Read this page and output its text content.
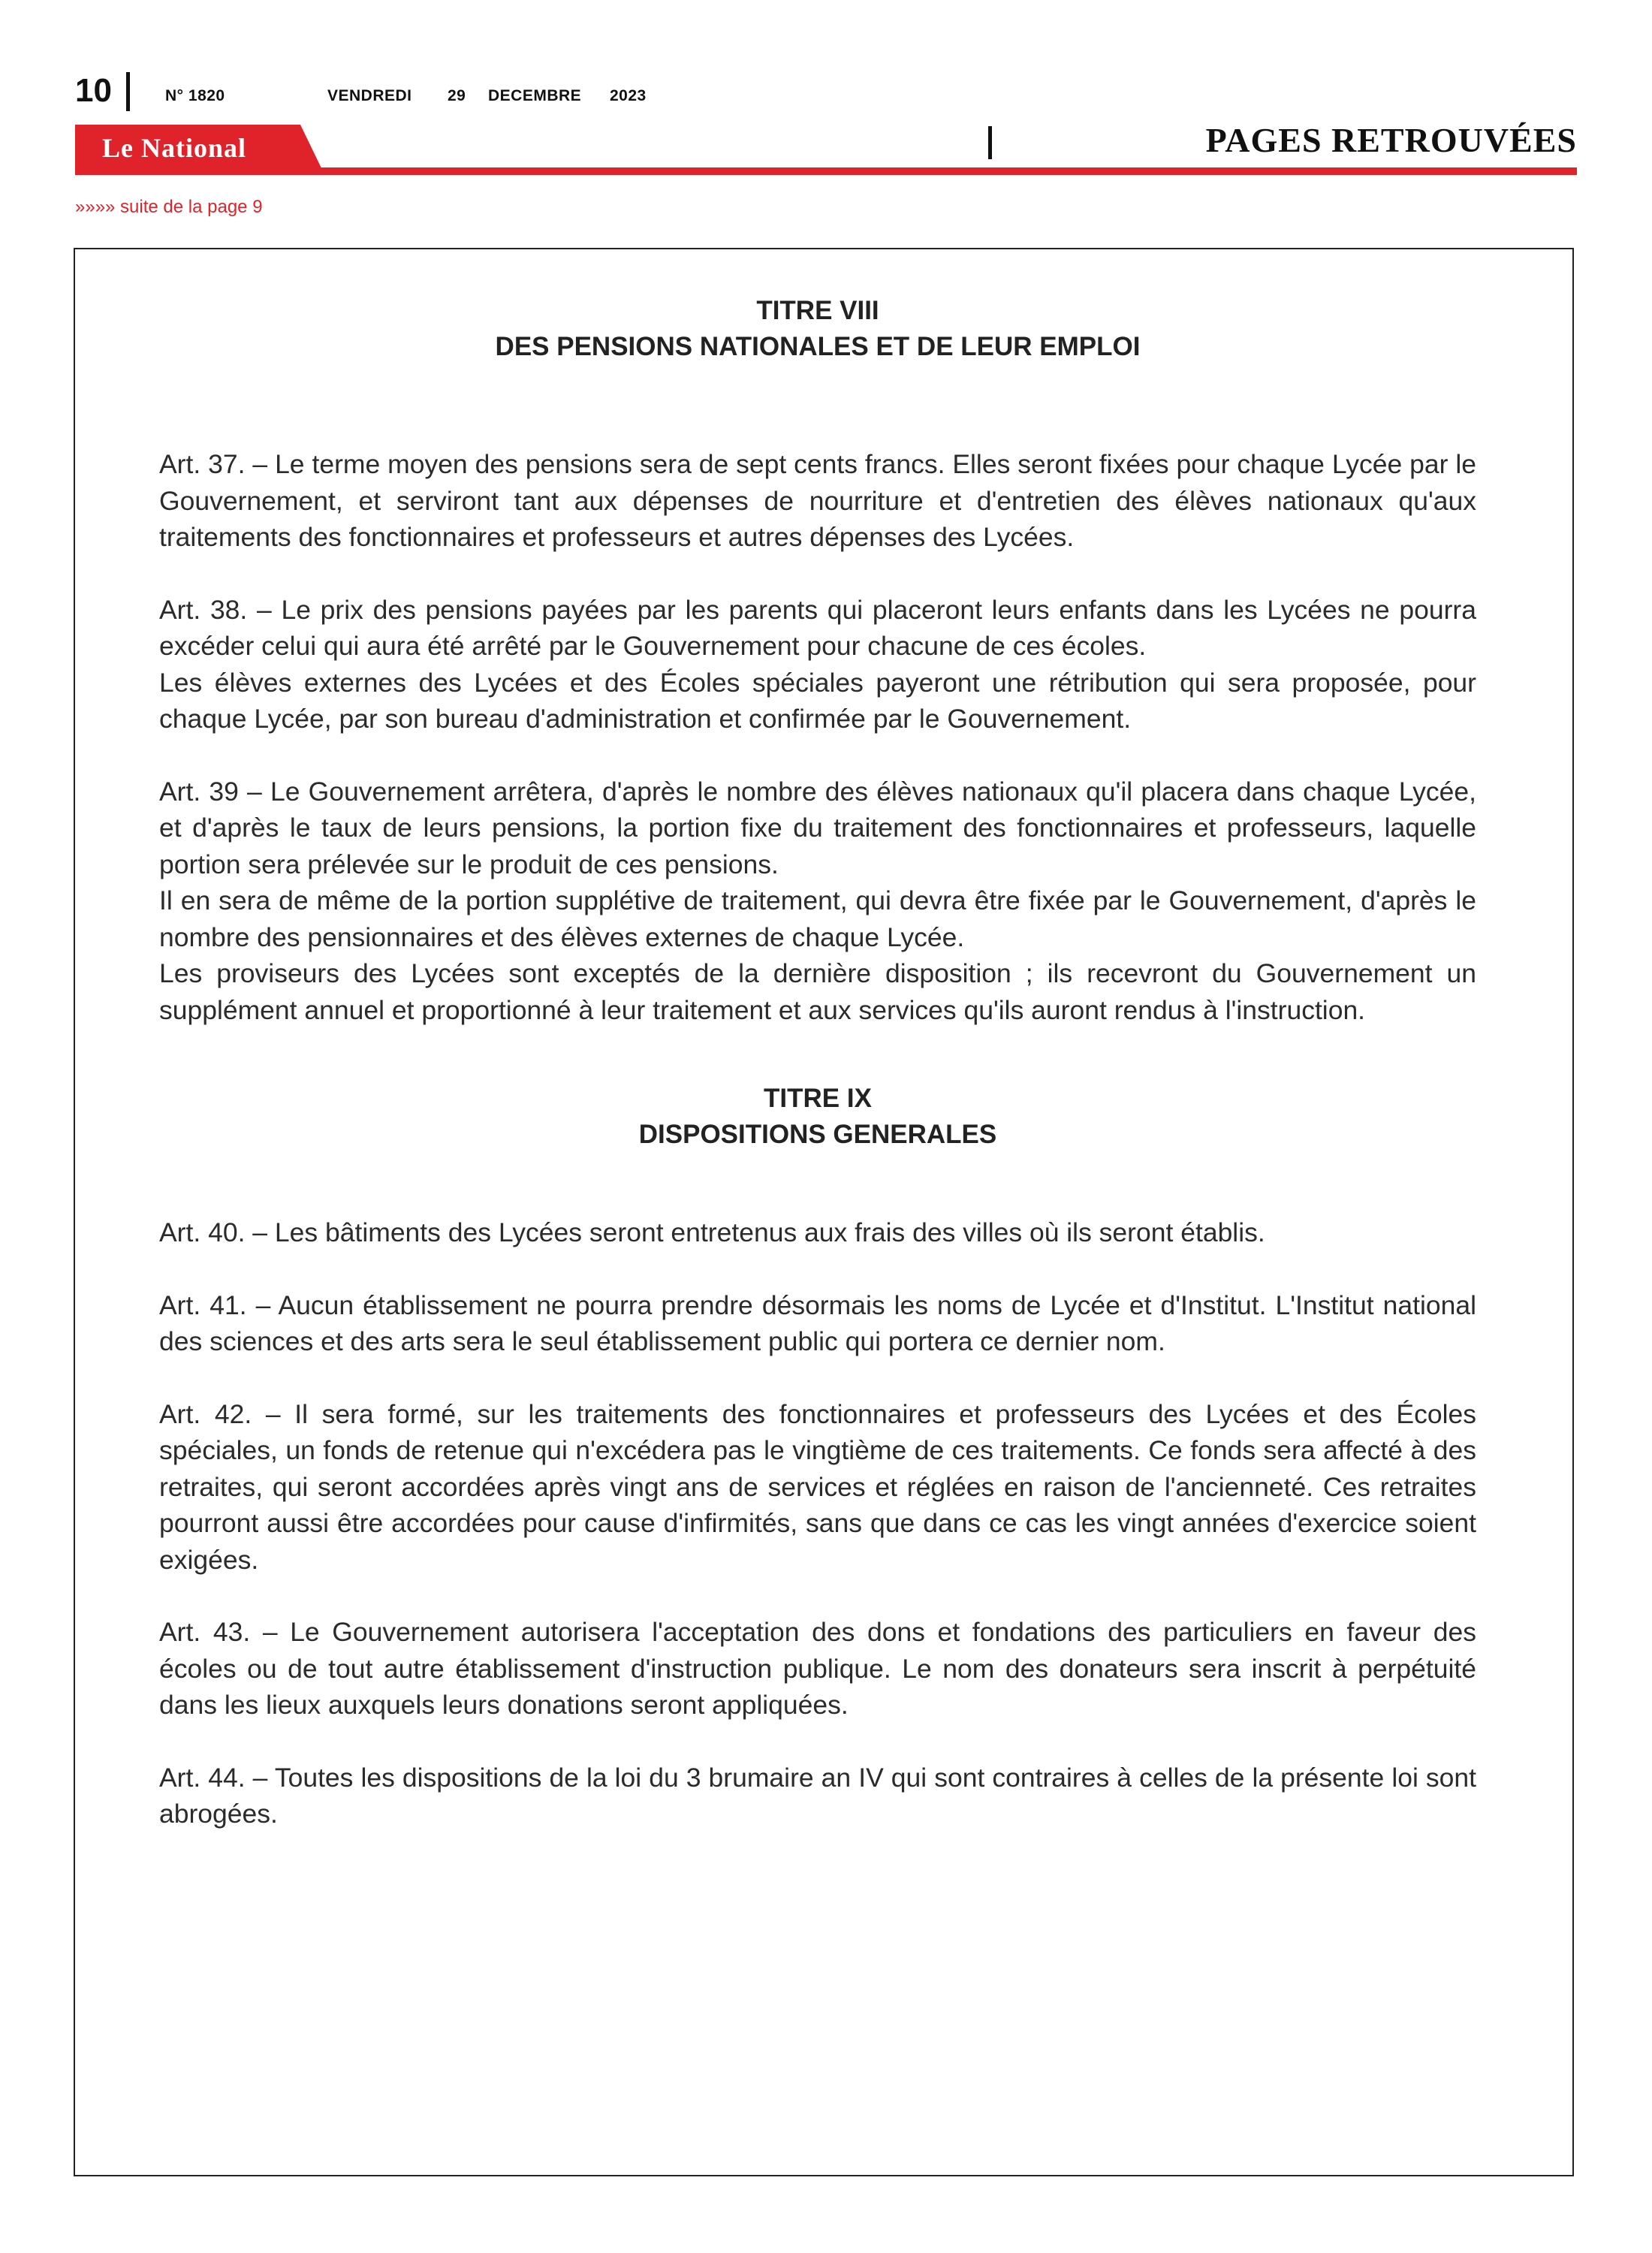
10	N° 1820	VENDREDI 29 DECEMBRE 2023
Le National	PAGES RETROUVÉES
»»»» suite de la page 9
TITRE VIII
DES PENSIONS NATIONALES ET DE LEUR EMPLOI
Art. 37. – Le terme moyen des pensions sera de sept cents francs. Elles seront fixées pour chaque Lycée par le Gouvernement, et serviront tant aux dépenses de nourriture et d'entretien des élèves nationaux qu'aux traitements des fonctionnaires et professeurs et autres dépenses des Lycées.
Art. 38. – Le prix des pensions payées par les parents qui placeront leurs enfants dans les Lycées ne pourra excéder celui qui aura été arrêté par le Gouvernement pour chacune de ces écoles.
Les élèves externes des Lycées et des Écoles spéciales payeront une rétribution qui sera proposée, pour chaque Lycée, par son bureau d'administration et confirmée par le Gouvernement.
Art. 39 – Le Gouvernement arrêtera, d'après le nombre des élèves nationaux qu'il placera dans chaque Lycée, et d'après le taux de leurs pensions, la portion fixe du traitement des fonctionnaires et professeurs, laquelle portion sera prélevée sur le produit de ces pensions.
Il en sera de même de la portion supplétive de traitement, qui devra être fixée par le Gouvernement, d'après le nombre des pensionnaires et des élèves externes de chaque Lycée.
Les proviseurs des Lycées sont exceptés de la dernière disposition ; ils recevront du Gouvernement un supplément annuel et proportionné à leur traitement et aux services qu'ils auront rendus à l'instruction.
TITRE IX
DISPOSITIONS GENERALES
Art. 40. – Les bâtiments des Lycées seront entretenus aux frais des villes où ils seront établis.
Art. 41. – Aucun établissement ne pourra prendre désormais les noms de Lycée et d'Institut. L'Institut national des sciences et des arts sera le seul établissement public qui portera ce dernier nom.
Art. 42. – Il sera formé, sur les traitements des fonctionnaires et professeurs des Lycées et des Écoles spéciales, un fonds de retenue qui n'excédera pas le vingtième de ces traitements. Ce fonds sera affecté à des retraites, qui seront accordées après vingt ans de services et réglées en raison de l'ancienneté. Ces retraites pourront aussi être accordées pour cause d'infirmités, sans que dans ce cas les vingt années d'exercice soient exigées.
Art. 43. – Le Gouvernement autorisera l'acceptation des dons et fondations des particuliers en faveur des écoles ou de tout autre établissement d'instruction publique. Le nom des donateurs sera inscrit à perpétuité dans les lieux auxquels leurs donations seront appliquées.
Art. 44. – Toutes les dispositions de la loi du 3 brumaire an IV qui sont contraires à celles de la présente loi sont abrogées.
